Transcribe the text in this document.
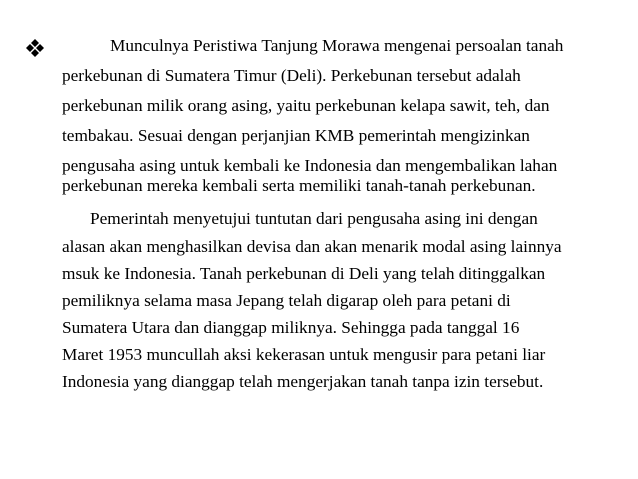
Munculnya Peristiwa Tanjung Morawa mengenai persoalan tanah
perkebunan di Sumatera Timur (Deli). Perkebunan tersebut adalah
perkebunan milik orang asing, yaitu perkebunan kelapa sawit, teh, dan
tembakau. Sesuai dengan perjanjian KMB pemerintah mengizinkan
pengusaha asing untuk kembali ke Indonesia dan mengembalikan lahan
perkebunan mereka kembali serta memiliki tanah-tanah perkebunan.
Pemerintah menyetujui tuntutan dari pengusaha asing ini dengan
alasan akan menghasilkan devisa dan akan menarik modal asing lainnya
msuk ke Indonesia. Tanah perkebunan di Deli yang telah ditinggalkan
pemiliknya selama masa Jepang telah digarap oleh para petani di
Sumatera Utara dan dianggap miliknya. Sehingga pada tanggal 16
Maret 1953 muncullah aksi kekerasan untuk mengusir para petani liar
Indonesia yang dianggap telah mengerjakan tanah tanpa izin tersebut.
